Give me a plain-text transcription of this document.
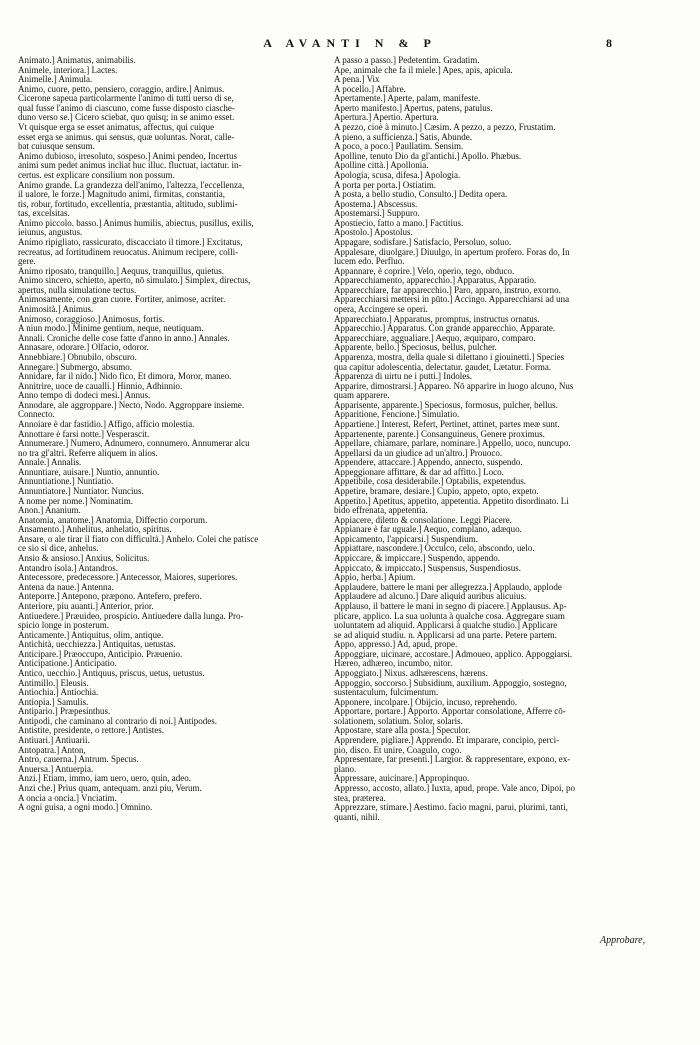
A AVANTI N & P	8
Animato.] Animatus, animabilis.
Animele, interiora.] Lactes.
Animelle.] Animula.
Animo, cuore, petto, pensiero, coraggio, ardire.] Animus.
Cicerone sapeua particolarmente l'animo di tutti uerso di se,
qual fusse l'animo di ciascuno, come fusse disposto ciasche-
duno verso se.] Cicero sciebat, quo quisq; in se animo esset.
Vt quisque erga se esset animatus, affectus, qui cuique
esset erga se animus. qui sensus, quæ uoluntas. Norat, calle-
bat cuiusque sensum.
Animo dubioso, irresoluto, sospeso.] Animi pendeo, Incertus
animi sum pedet animus incliat huc illuc. fluctuat, iactatur. in-
certus. est explicare consilium non possum.
Animo grande. La grandezza dell'animo, l'altezza, l'eccellenza,
il ualore, le forze.] Magnitudo animi, firmitas, constantia,
tis, robur, fortitudo, excellentia, præstantia, altitudo, sublimi-
tas, excelsitas.
Animo piccolo. basso.] Animus humilis, abiectus, pusillus, exilis,
ieiunus, angustus.
Animo ripigliato, rassicurato, discacciato il timore.] Excitatus,
recreatus, ad fortitudinem reuocatus. Animum recipere, colli-
gere.
Animo riposato, tranquillo.] Aequus, tranquillus, quietus.
Animo sincero, schietto, aperto, nō simulato.] Simplex, directus,
apertus, nulla simulatione tectus.
Animosamente, con gran cuore. Fortiter, animose, acriter.
Animosità.] Animus.
Animoso, coraggioso.] Animosus, fortis.
A niun modo.] Minime gentium, neque, neutiquam.
Annali. Croniche delle cose fatte d'anno in anno.] Annales.
Annasare, odorare.] Olfacio, odoror.
Annebbiare.] Obnubilo, obscuro.
Annegare.] Submergo, absumo.
Annidare, far il nido.] Nido fico, Et dimora, Moror, maneo.
Annitrire, uoce de caualli.] Hinnio, Adhinnio.
Anno tempo di dodeci mesi.] Annus.
Annodare, ale aggroppare.] Necto, Nodo. Aggroppare insieme.
Connecto.
Annoiare è dar fastidio.] Affigo, afficio molestia.
Annottare è farsi notte.] Vesperascit.
Annumerare.] Numero, Adnumero, connumero. Annumerar alcu
no tra gl'altri. Referre aliquem in alios.
Annale.] Annalis.
Annuntiare, auisare.] Nuntio, annuntio.
Annuntiatione.] Nuntiatio.
Annuntiatore.] Nuntiator. Nuncius.
A nome per nome.] Nominatim.
Anon.] Ananium.
Anatomia, anatome.] Anatomia, Diffectio corporum.
Ansamento.] Anhelitus, anhelatio, spiritus.
Ansare, o ale tirar il fiato con difficultà.] Anhelo. Colei che patisce
ce sio si dice, anhelus.
Ansio & ansioso.] Anxius, Solicitus.
Antandro isola.] Antandros.
Antecessore, predecessore.] Antecessor, Maiores, superiores.
Antena da naue.] Antenna.
Anteporre.] Antepono, præpono. Antefero, prefero.
Anteriore, piu auanti.] Anterior, prior.
Antiuedere.] Præuideo, prospicio. Antiuedere dalla lunga. Pro-
spicio longe in posterum.
Anticamente.] Antiquitus, olim, antique.
Antichità, uecchiezza.] Antiquitas, uetustas.
Anticipare.] Præoccupo, Anticipio. Præuenio.
Anticipatione.] Anticipatio.
Antico, uecchio.] Antiquus, priscus, uetus, uetustus.
Antimillo.] Eleusis.
Antiochia.] Antiochia.
Antiopia.] Samulis.
Antipario.] Præpesinthus.
Antipodi, che caminano al contrario di noi.] Antipodes.
Antistite, presidente, o rettore.] Antistes.
Antiuari.] Antiuarii.
Antopatra.] Anton,
Antro, cauerna.] Antrum. Specus.
Anuersa.] Antuerpia.
Anzi.] Etiam, immo, iam uero, uero, quin, adeo.
Anzi che.] Prius quam, antequam. anzi piu, Verum.
A oncia a oncia.] Vnciatim.
A ogni guisa, a ogni modo.] Omnino.
A passo a passo.] Pedetentim. Gradatim.
Ape, animale che fa il miele.] Apes, apis, apicula.
A pena.] Vix
A pocello.] Affabre.
Apertamente.] Aperte, palam, manifeste.
Aperto manifesto.] Apertus, patens, patulus.
Apertura.] Apertio. Apertura.
A pezzo, cioè à minuto.] Cæsim. A pezzo, a pezzo, Frustatim.
A pieno, a sufficienza.] Satis, Abunde.
A poco, a poco.] Paullatim. Sensim.
Apolline, tenuto Dio da gl'antichi.] Apollo. Phæbus.
Apolline città.] Apollonia.
Apologia, scusa, difesa.] Apologia.
A porta per porta.] Ostiatim.
A posta, a bello studio, Consulto.] Dedita opera.
Apostema.] Abscessus.
Apostemarsi.] Suppuro.
Apostiecio, fatto a mano.] Factitius.
Apostolo.] Apostolus.
Appagare, sodisfare.] Satisfacio, Persoluo, soluo.
Appalesare, diuolgare.] Diuulgo, in apertum profero. Foras do, In
lucem edo. Perfluo.
Appannare, è coprire.] Velo, operio, tego, obduco.
Apparecchiamento, apparecchio.] Apparatus, Apparatio.
Apparecchiare, far apparecchio.] Paro, apparo, instruo, exorno.
Apparecchiarsi mettersi in pūto.] Accingo. Apparecchiarsi ad una
opera, Accingere se operi.
Apparecchiato.] Apparatus, promptus, instructus ornatus.
Apparecchio.] Apparatus. Con grande apparecchio, Apparate.
Apparecchiare, aggualiare.] Aequo, æquiparo, comparo.
Apparente, bello.] Speciosus, bellus, pulcher.
Apparenza, mostra, della quale si dilettano i giouinetti.] Species
qua capitur adolescentia, delectatur. gaudet, Lætatur. Forma.
Apparenza di uirtu ne i putti.] Indoles.
Apparire, dimostrarsi.] Appareo. Nō apparire in luogo alcuno, Nus
quam apparere.
Apparisente, apparente.] Speciosus, formosus, pulcher, bellus.
Apparitione, Fencione.] Simulatio.
Appartiene.] Interest, Refert, Pertinet, attinet, partes meæ sunt.
Appartenente, parente.] Consanguineus, Genere proximus.
Appellare, chiamare, parlare, nominare.] Appello, uoco, nuncupo.
Appellarsi da un giudice ad un'altro.] Prouoco.
Appendere, attaccare.] Appendo, annecto, suspendo.
Appeggionare affittare, & dar ad affitto.] Loco.
Appetibile, cosa desiderabile.] Optabilis, expetendus.
Appetire, bramare, desiare.] Cupio, appeto, opto, expeto.
Appetito.] Apetitus, appetito, appetentia. Appetito disordinato. Li
bido effrenata, appetentia.
Appiacere, diletto & consolatione. Leggi Piacere.
Appianare è far uguale.] Aequo, complano, adæquo.
Appicamento, l'appicarsi.] Suspendium.
Appiattare, nascondere.] Occulco, celo, abscondo, uelo.
Appiccare, & impiccare.] Suspendo, appendo.
Appiccato, & impiccato.] Suspensus, Suspendiosus.
Appio, herba.] Apium.
Applaudere, battere le mani per allegrezza.] Applaudo, applode
Applaudere ad alcuno.] Dare aliquid auribus alicuius.
Applauso, il battere le mani in segno di piacere.] Applausus. Ap-
plicare, applico. La sua uolunta à qualche cosa. Aggregare suam
uoluntatem ad aliquid. Applicarsi à qualche studio.] Applicare
se ad aliquid studiu. n. Applicarsi ad una parte. Petere partem.
Appo, appresso.] Ad, apud, prope.
Appoggiare, uicinare, accostare.] Admoueo, applico. Appoggiarsi.
Hæreo, adhæreo, incumbo, nitor.
Appoggiato.] Nixus. adhærescens, hærens.
Appoggio, soccorso.] Subsidium, auxilium. Appoggio, sostegno,
sustentaculum, fulcimentum.
Apponere, incolpare.] Obijcio, incuso, reprehendo.
Apportare, portare.] Apporto. Apportar consolatione, Afferre cō-
solationem, solatium. Solor, solaris.
Appostare, stare alla posta.] Speculor.
Apprendere, pigliare.] Apprendo. Et imparare, concipio, perci-
pio, disco. Et unire, Coagulo, cogo.
Appresentare, far presenti.] Largior. & rappresentare, expono, ex-
plano.
Appressare, auicinare.] Appropinquo.
Appresso, accosto, allato.] Iuxta, apud, prope. Vale anco, Dipoi, po
stea, præterea.
Apprezzare, stimare.] Aestimo. facio magni, parui, plurimi, tanti,
quanti, nihil.
Approbare,
